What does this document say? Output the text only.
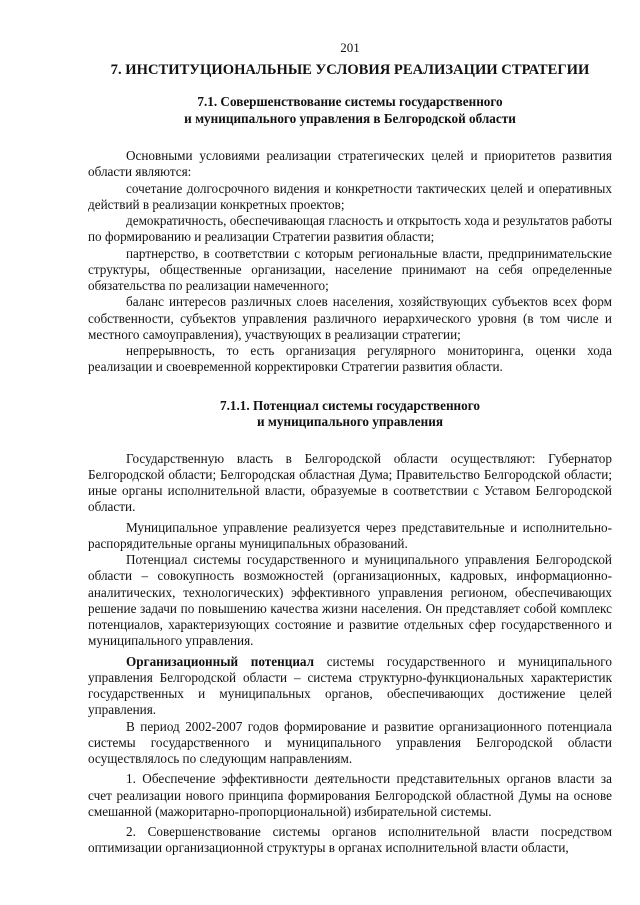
201
7. ИНСТИТУЦИОНАЛЬНЫЕ УСЛОВИЯ РЕАЛИЗАЦИИ СТРАТЕГИИ
7.1. Совершенствование системы государственного
и муниципального управления в Белгородской области

Основными условиями реализации стратегических целей и приоритетов развития области являются:

сочетание долгосрочного видения и конкретности тактических целей и оперативных действий в реализации конкретных проектов;

демократичность, обеспечивающая гласность и открытость хода и результатов работы по формированию и реализации Стратегии развития области;

партнерство, в соответствии с которым региональные власти, предпринимательские структуры, общественные организации, население принимают на себя определенные обязательства по реализации намеченного;

баланс интересов различных слоев населения, хозяйствующих субъектов всех форм собственности, субъектов управления различного иерархического уровня (в том числе и местного самоуправления), участвующих в реализации стратегии;

непрерывность, то есть организация регулярного мониторинга, оценки хода реализации и своевременной корректировки Стратегии развития области.

7.1.1. Потенциал системы государственного
и муниципального управления

Государственную власть в Белгородской области осуществляют: Губернатор Белгородской области; Белгородская областная Дума; Правительство Белгородской области; иные органы исполнительной власти, образуемые в соответствии с Уставом Белгородской области.

Муниципальное управление реализуется через представительные и исполнительно-распорядительные органы муниципальных образований.

Потенциал системы государственного и муниципального управления Белгородской области – совокупность возможностей (организационных, кадровых, информационно-аналитических, технологических) эффективного управления регионом, обеспечивающих решение задачи по повышению качества жизни населения. Он представляет собой комплекс потенциалов, характеризующих состояние и развитие отдельных сфер государственного и муниципального управления.

Организационный потенциал системы государственного и муниципального управления Белгородской области – система структурно-функциональных характеристик государственных и муниципальных органов, обеспечивающих достижение целей управления.

В период 2002-2007 годов формирование и развитие организационного потенциала системы государственного и муниципального управления Белгородской области осуществлялось по следующим направлениям.

1. Обеспечение эффективности деятельности представительных органов власти за счет реализации нового принципа формирования Белгородской областной Думы на основе смешанной (мажоритарно-пропорциональной) избирательной системы.

2. Совершенствование системы органов исполнительной власти посредством оптимизации организационной структуры в органах исполнительной власти области,
